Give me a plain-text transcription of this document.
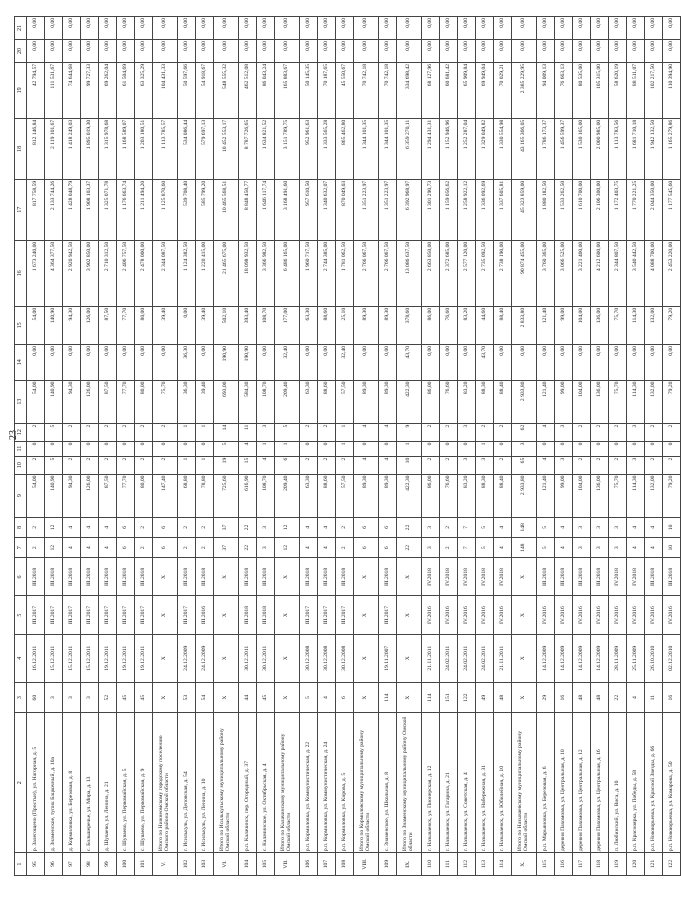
23
1	2	3	4	5	6	7	8	9	10	11	12	13	14	15	16	17	18	19	20	21
95	р. Залегощено (Простые), ул. Нагорная, д. 5	60	16.12.2011	III.2017	III.2018	2	2	54,00	2	0	2	54,00	0,00	54,00	1 673 240,00	817 758,59	812 146,84	42 794,57	0,00	0,00
96	д. Знаменское, тупик Бацкочный, д. 10а	3	15.12.2011	III.2017	III.2018	12	12	140,90	5	0	5	140,90	0,00	140,90	4 364 377,50	2 133 744,26	2 119 101,67	111 531,67	0,00	0,00
97	д. Кормиловка, ул. Березовая, д. 8	3	15.12.2011	III.2017	III.2018	4	4	94,30	2	0	2	94,30	0,00	94,30	2 920 942,50	1 428 048,79	1 418 249,03	74 644,68	0,00	0,00
98	с. Большеречье, ул. Мира, д. 13	3	15.12.2011	III.2017	III.2018	4	4	126,00	2	0	2	126,00	0,00	126,00	3 902 850,00	1 908 103,37	1 895 019,30	99 727,33	0,00	0,00
99	д. Шуваево, ул. Ленина, д. 21	52	19.12.2011	III.2017	III.2018	4	4	87,50	2	0	2	87,50	0,00	87,50	2 710 312,50	1 325 071,78	1 315 978,68	69 262,04	0,00	0,00
100	с. Шуваево, ул. Первомайская, д. 5	45	19.12.2011	III.2017	III.2018	6	6	77,70	2	0	2	77,70	0,00	77,70	2 406 757,50	1 176 663,74	1 168 589,07	61 504,69	0,00	0,00
101	с. Шуваево, ул. Первомайская, д. 9	45	19.12.2011	III.2017	III.2018	2	2	80,00	2	0	2	80,00	0,00	80,00	2 478 000,00	1 211 494,20	1 203 180,51	63 325,29	0,00	0,00
V.	Итого по Нижнеомскому городскому поселению Омского района Омской области	X	X	X	X	6	6	147,40	2	0	2	75,70	0,00	39,40	2 344 087,50	1 125 870,60	1 113 785,57	104 431,33	0,00	0,00
102	г. Исилькуль, ул. Деповская, д. 54	53	24.12.2009	III.2017	III.2018	2	2	68,80	1	0	1	36,30	36,30	0,00	1 124 382,50	539 708,40	534 086,44	50 597,66	0,00	0,00
103	г. Исилькуль, ул. Ленина, д. 10	54	24.12.2009	III.2016	III.2018	2	2	78,80	1	0	1	39,40	0,00	39,40	1 220 415,00	585 799,20	579 697,13	54 918,67	0,00	0,00
VI.	Итого по Исилькульскому муниципальному району Омской области	X	X	X	X	37	37	725,60	19	5	14	693,00	190,90	502,10	21 465 675,00	10 465 568,51	10 452 553,17	548 555,32	0,00	0,00
104	р.п. Калачинск, пер. Огородный, д. 37	44	30.12.2011	III.2018	III.2018	22	22	616,90	15	4	11	584,30	190,90	393,40	18 098 932,50	8 848 450,77	8 787 726,65	462 512,08	0,00	0,00
105	с. Калачинское, ул. Октябрьская, д. 4	45	30.12.2011	III.2018	III.2018	3	3	108,70	4	1	3	108,70	0,00	108,70	3 366 982,50	1 646 117,74	1 634 821,52	86 043,24	0,00	0,00
VII.	Итого по Калачинскому муниципальному району Омской области	X	X	X	X	12	12	209,40	6	1	5	209,40	32,40	177,00	6 486 165,00	3 168 491,60	3 151 789,75	165 883,67	0,00	0,00
106	р.п. Кормиловка, ул. Коммунистическая, д. 22	5	30.12.2008	III.2017	III.2018	4	4	63,30	2	0	2	63,30	0,00	63,30	1 960 717,50	957 610,50	952 961,63	50 145,35	0,00	0,00
107	р.п. Кормиловка, ул. Коммунистическая, д. 24	4	30.12.2008	III.2017	III.2018	4	4	88,60	2	0	2	88,60	0,00	88,60	2 744 385,00	1 340 632,07	1 333 565,28	70 187,65	0,00	0,00
108	р.п. Кормиловка, ул. Кирова, д. 5	6	30.12.2008	III.2017	III.2018	2	2	57,50	2	1	1	57,50	32,40	25,10	1 781 062,50	870 049,03	865 462,80	45 550,67	0,00	0,00
VIII.	Итого по Кормиловскому муниципальному району Омской области	X	X	X	X	6	6	89,30	4	0	4	89,30	0,00	89,30	2 766 067,50	1 351 223,97	1 344 101,35	70 742,18	0,00	0,00
109	с. Знаменское, ул. Школьная, д. 8	114	19.11.2007	III.2017	III.2018	6	6	89,30	4	0	4	89,30	0,00	89,30	2 766 067,50	1 351 223,97	1 344 101,35	70 742,18	0,00	0,00
IX.	Итого по Знаменскому муниципальному району Омской области	X	X	X	X	22	22	422,30	10	1	9	422,30	43,70	378,60	13 086 637,50	6 392 968,97	6 359 270,11	334 698,42	0,00	0,00
110	г. Называевск, ул. Пионерская, д. 12	114	21.11.2011	IV.2016	IV.2018	3	3	86,00	2	0	2	86,00	0,00	86,00	2 663 850,00	1 301 290,73	1 294 431,31	68 127,96	0,00	0,00
111	г. Называевск, ул. Гагарина, д. 21	151	24.02.2011	IV.2016	IV.2018	2	2	76,60	2	0	2	76,60	0,00	76,60	2 372 685,00	1 159 056,62	1 152 946,96	60 681,42	0,00	0,00
112	г. Называевск, ул. Советская, д. 4	122	24.02.2011	IV.2016	IV.2018	7	7	83,20	3	0	3	83,20	0,00	83,20	2 577 120,00	1 258 922,12	1 252 287,04	65 909,84	0,00	0,00
113	г. Называевск, ул. Набережная, д. 31	49	24.02.2011	IV.2016	IV.2018	5	5	88,30	3	1	2	88,30	43,70	44,60	2 735 092,50	1 336 092,69	1 329 049,82	69 949,04	0,00	0,00
114	г. Называевск, ул. Юбилейная, д. 10	48	21.11.2011	IV.2016	IV.2018	4	4	88,40	2	0	2	88,40	0,00	88,40	2 738 190,00	1 337 605,81	1 330 554,98	70 029,21	0,00	0,00
X.	Итого по Называевскому муниципальному району Омской области	X	X	X	X	148	148	2 933,80	65	3	62	2 933,80	0,00	2 833,80	90 874 455,00	45 323 859,00	43 165 366,05	2 385 229,95	0,00	0,00
115	р.п. Марьяновка, ул. Березовая, д. 6	29	14.12.2009	IV.2016	III.2018	5	5	121,40	4	0	4	121,40	0,00	121,40	3 760 365,00	1 880 182,50	1 786 173,37	94 009,13	0,00	0,00
116	деревня Пахомовка, ул. Центральная, д. 10	16	14.12.2009	IV.2016	III.2018	4	4	99,00	3	0	3	99,00	0,00	99,00	3 066 525,00	1 533 262,50	1 456 599,37	76 663,13	0,00	0,00
117	деревня Пахомовка, ул. Центральная, д. 12	48	14.12.2009	IV.2016	III.2018	3	3	104,00	2	0	2	104,00	0,00	104,00	3 221 400,00	1 610 700,00	1 530 165,00	80 535,00	0,00	0,00
118	деревня Пахомовка, ул. Центральная, д. 16	48	14.12.2009	IV.2016	III.2018	3	3	136,00	2	0	2	136,00	0,00	136,00	4 212 600,00	2 106 300,00	2 000 985,00	105 315,00	0,00	0,00
119	п. Любинский, ул. Виса, д. 10	22	28.11.2009	IV.2016	IV.2018	3	3	75,70	2	0	2	75,70	0,00	75,70	2 344 807,50	1 172 403,75	1 113 783,56	58 620,19	0,00	0,00
120	р.п. Красноярка, ул. Победы, д. 58	4	25.11.2009	IV.2016	IV.2018	4	4	114,30	3	0	3	114,30	0,00	114,30	3 540 442,50	1 770 221,25	1 681 710,18	88 511,07	0,00	0,00
121	р.п. Новоюрьевка, ул. Красной Звезды, д. 66	11	26.10.2010	IV.2016	III.2018	4	4	132,00	2	0	2	132,00	0,00	132,00	4 088 700,00	2 044 350,00	1 942 132,50	102 217,50	0,00	0,00
122	р.п. Новоюрьевка, ул. Комарова, д. 50	16	02.12.2010	IV.2016	III.2018	10	10	79,20	2	0	2	79,20	0,00	79,20	2 453 220,00	1 177 545,60	1 165 279,86	110 394,90	0,00	0,00
